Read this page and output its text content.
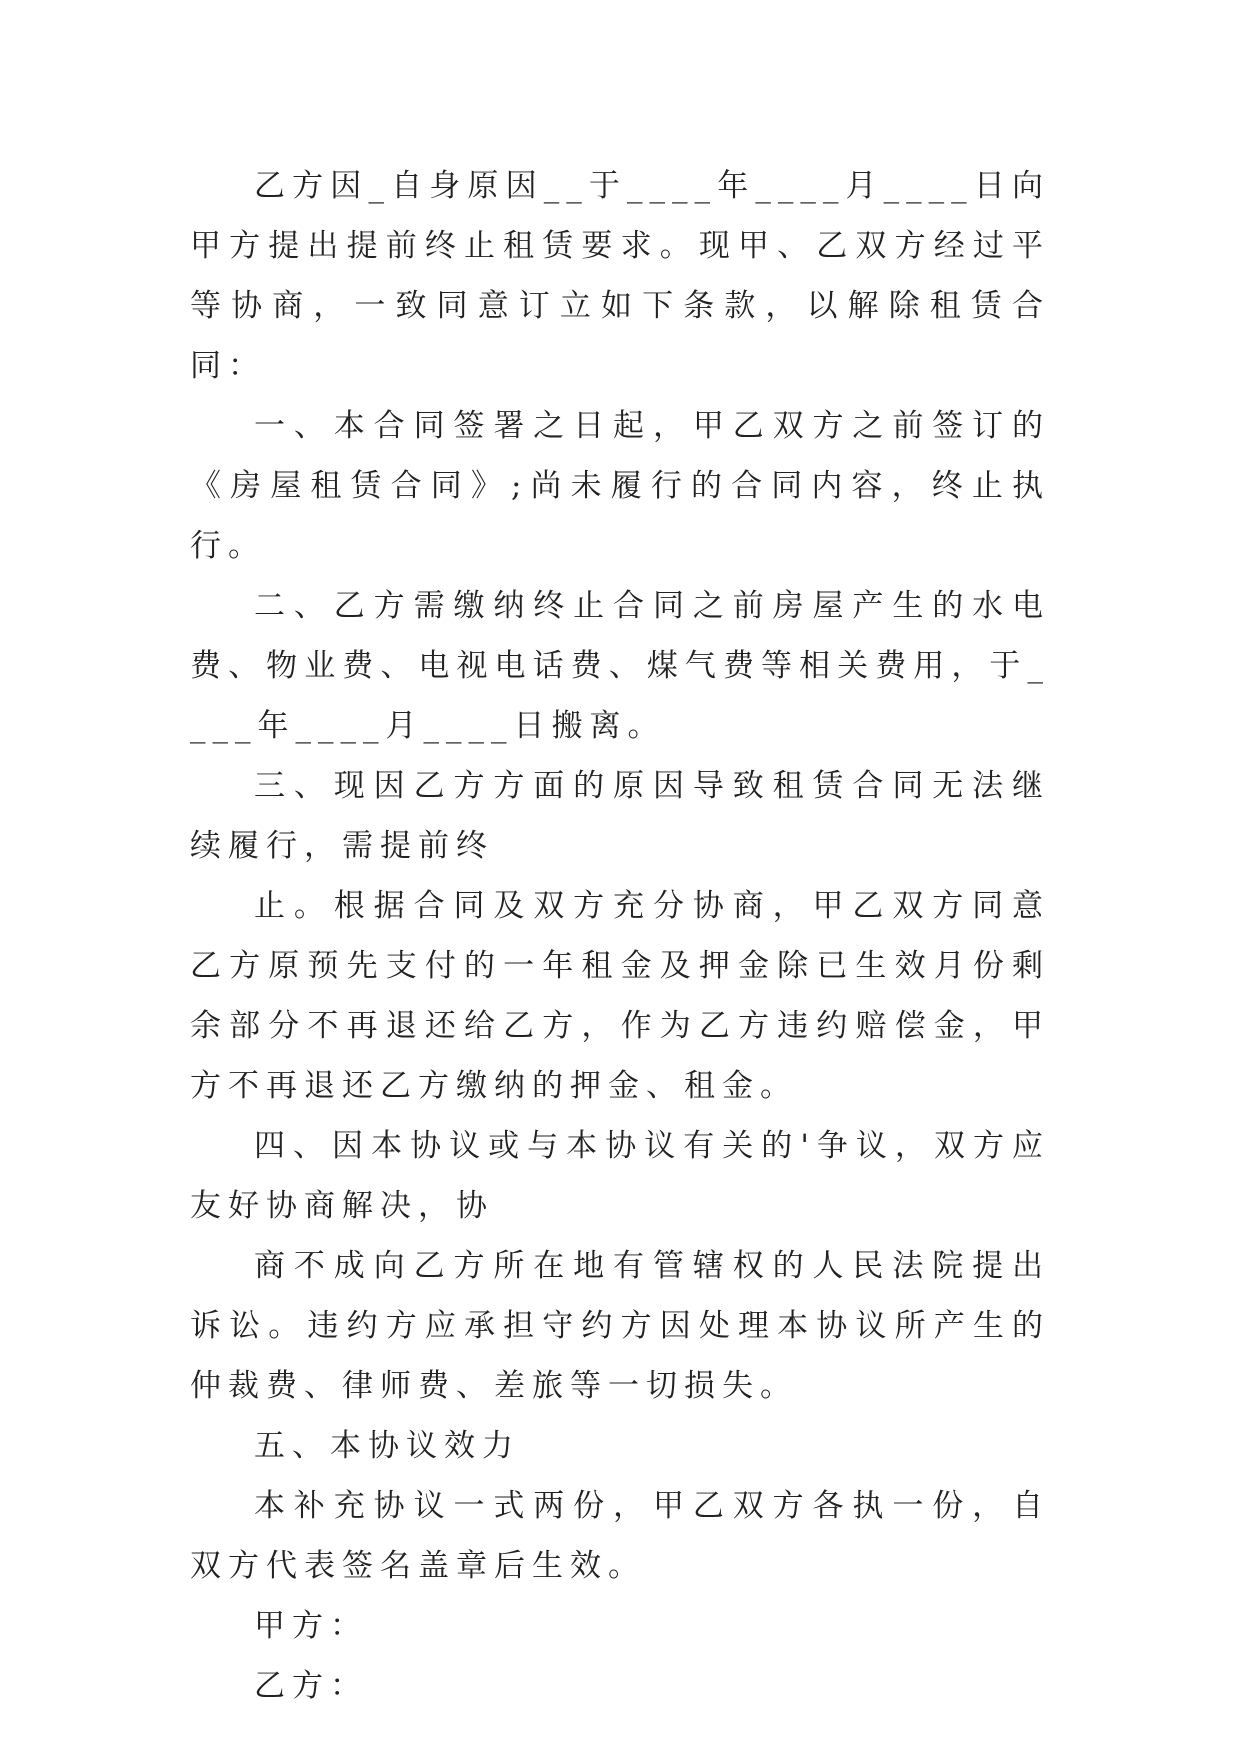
乙方因_自身原因__于____年____月____日向甲方提出提前终止租赁要求。现甲、乙双方经过平等协商，一致同意订立如下条款，以解除租赁合同：

一、本合同签署之日起，甲乙双方之前签订的《房屋租赁合同》;尚未履行的合同内容，终止执行。

二、乙方需缴纳终止合同之前房屋产生的水电费、物业费、电视电话费、煤气费等相关费用，于____年____月____日搬离。

三、现因乙方方面的原因导致租赁合同无法继续履行，需提前终

止。根据合同及双方充分协商，甲乙双方同意乙方原预先支付的一年租金及押金除已生效月份剩余部分不再退还给乙方，作为乙方违约赔偿金，甲方不再退还乙方缴纳的押金、租金。

四、因本协议或与本协议有关的'争议，双方应友好协商解决，协

商不成向乙方所在地有管辖权的人民法院提出诉讼。违约方应承担守约方因处理本协议所产生的仲裁费、律师费、差旅等一切损失。

五、本协议效力

本补充协议一式两份，甲乙双方各执一份，自双方代表签名盖章后生效。

甲方：

乙方：
